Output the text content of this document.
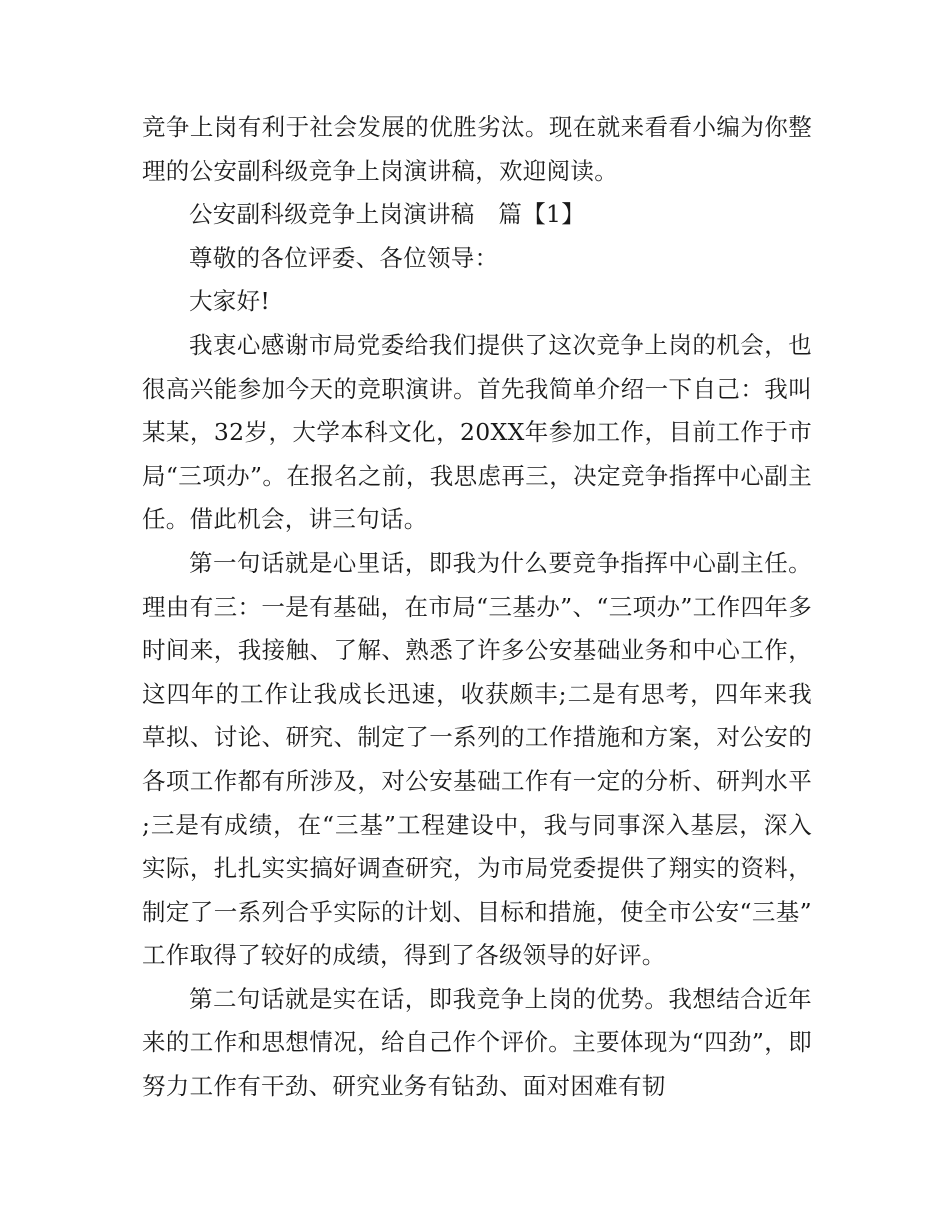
竞争上岗有利于社会发展的优胜劣汰。现在就来看看小编为你整理的公安副科级竞争上岗演讲稿，欢迎阅读。

公安副科级竞争上岗演讲稿　篇【1】

尊敬的各位评委、各位领导：

大家好!

我衷心感谢市局党委给我们提供了这次竞争上岗的机会，也很高兴能参加今天的竞职演讲。首先我简单介绍一下自己：我叫某某，32岁，大学本科文化，20XX年参加工作，目前工作于市局“三项办”。在报名之前，我思虑再三，决定竞争指挥中心副主任。借此机会，讲三句话。

第一句话就是心里话，即我为什么要竞争指挥中心副主任。理由有三：一是有基础，在市局“三基办”、“三项办”工作四年多时间来，我接触、了解、熟悉了许多公安基础业务和中心工作，这四年的工作让我成长迅速，收获颇丰;二是有思考，四年来我草拟、讨论、研究、制定了一系列的工作措施和方案，对公安的各项工作都有所涉及，对公安基础工作有一定的分析、研判水平;三是有成绩，在“三基”工程建设中，我与同事深入基层，深入实际，扎扎实实搞好调查研究，为市局党委提供了翔实的资料，制定了一系列合乎实际的计划、目标和措施，使全市公安“三基”工作取得了较好的成绩，得到了各级领导的好评。

第二句话就是实在话，即我竞争上岗的优势。我想结合近年来的工作和思想情况，给自己作个评价。主要体现为“四劲”，即努力工作有干劲、研究业务有钻劲、面对困难有韧
